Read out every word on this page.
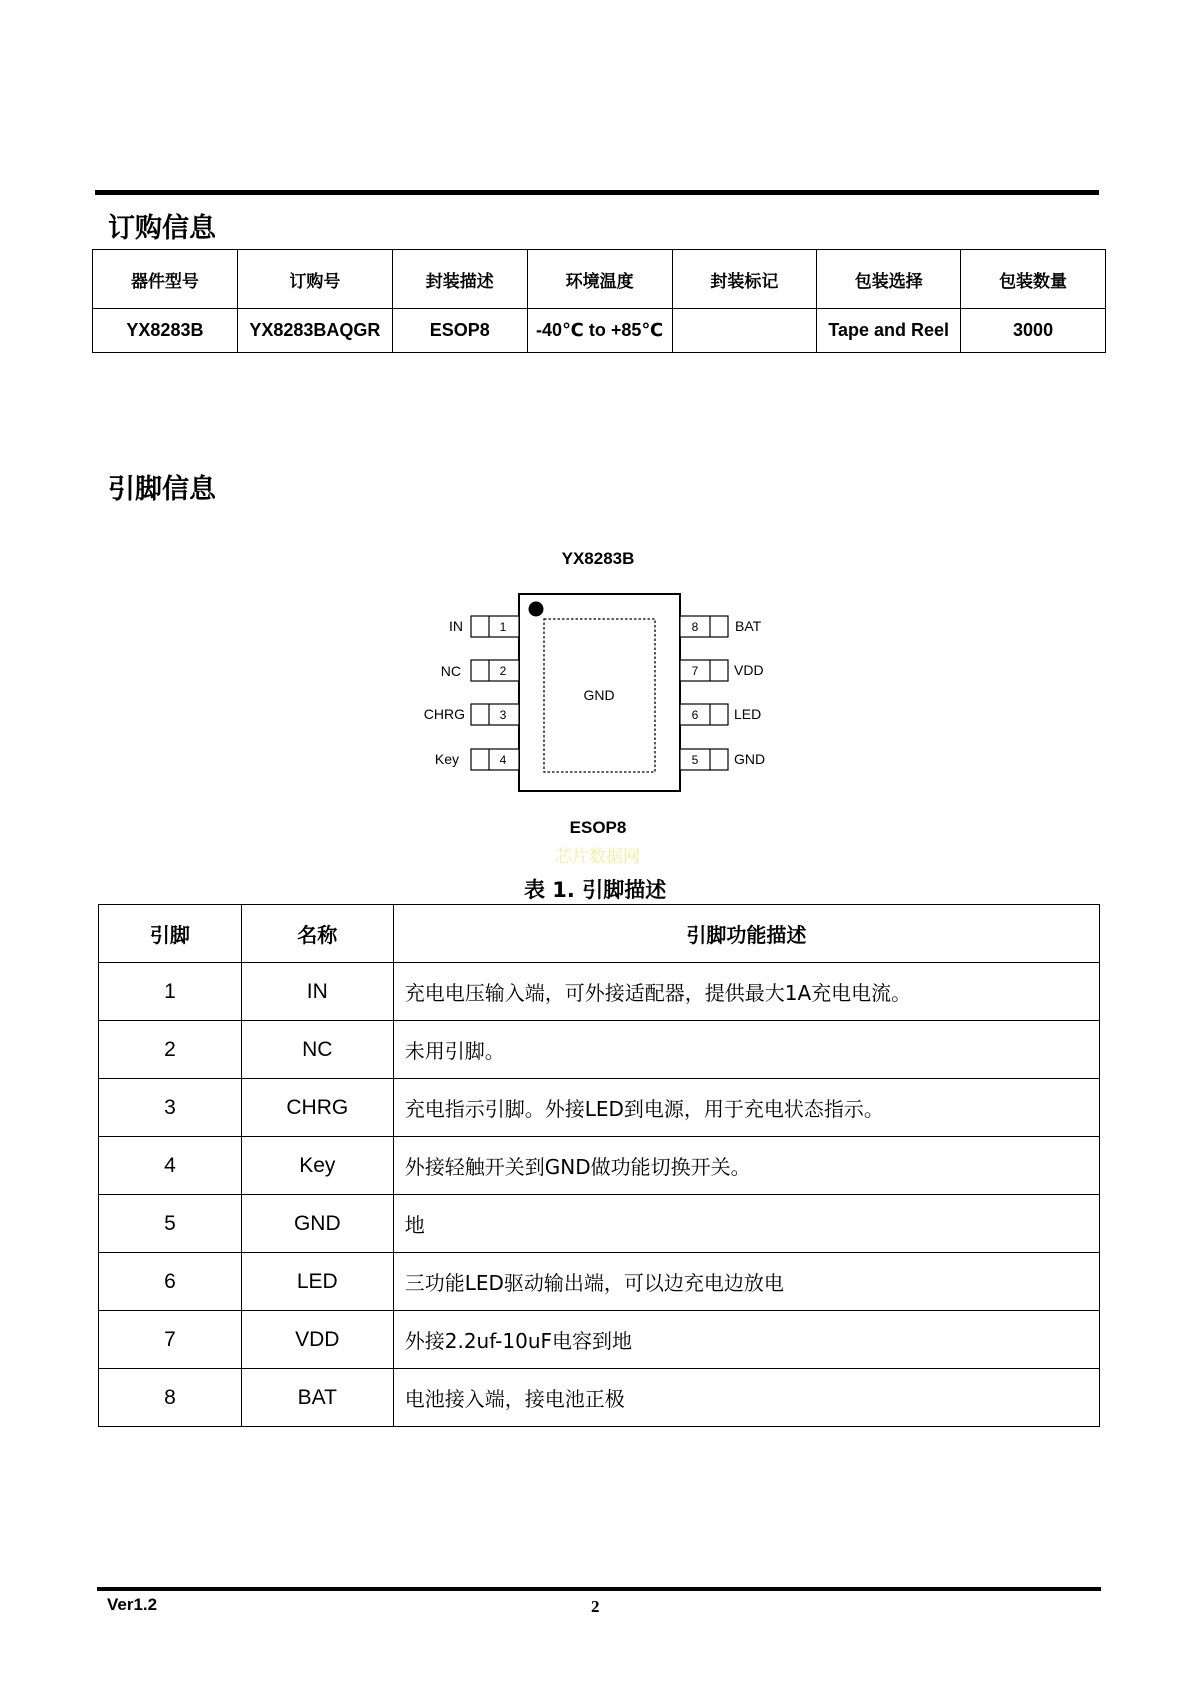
订购信息
器件型号	订购号	封装描述	环境温度	封装标记	包装选择	包装数量
YX8283B	YX8283BAQGR	ESOP8	-40℃ to +85℃		Tape and Reel	3000
引脚信息
YX8283B
GND
1
IN
2
NC
3
CHRG
4
Key
8	BAT
7	VDD
6	LED
5	GND
ESOP8
芯片数据网
表 1. 引脚描述
引脚	名称	引脚功能描述
1	IN	充电电压输入端，可外接适配器，提供最大1A充电电流。
2	NC	未用引脚。
3	CHRG	充电指示引脚。外接LED到电源，用于充电状态指示。
4	Key	外接轻触开关到GND做功能切换开关。
5	GND	地
6	LED	三功能LED驱动输出端，可以边充电边放电
7	VDD	外接2.2uf-10uF电容到地
8	BAT	电池接入端，接电池正极
Ver1.2	2
